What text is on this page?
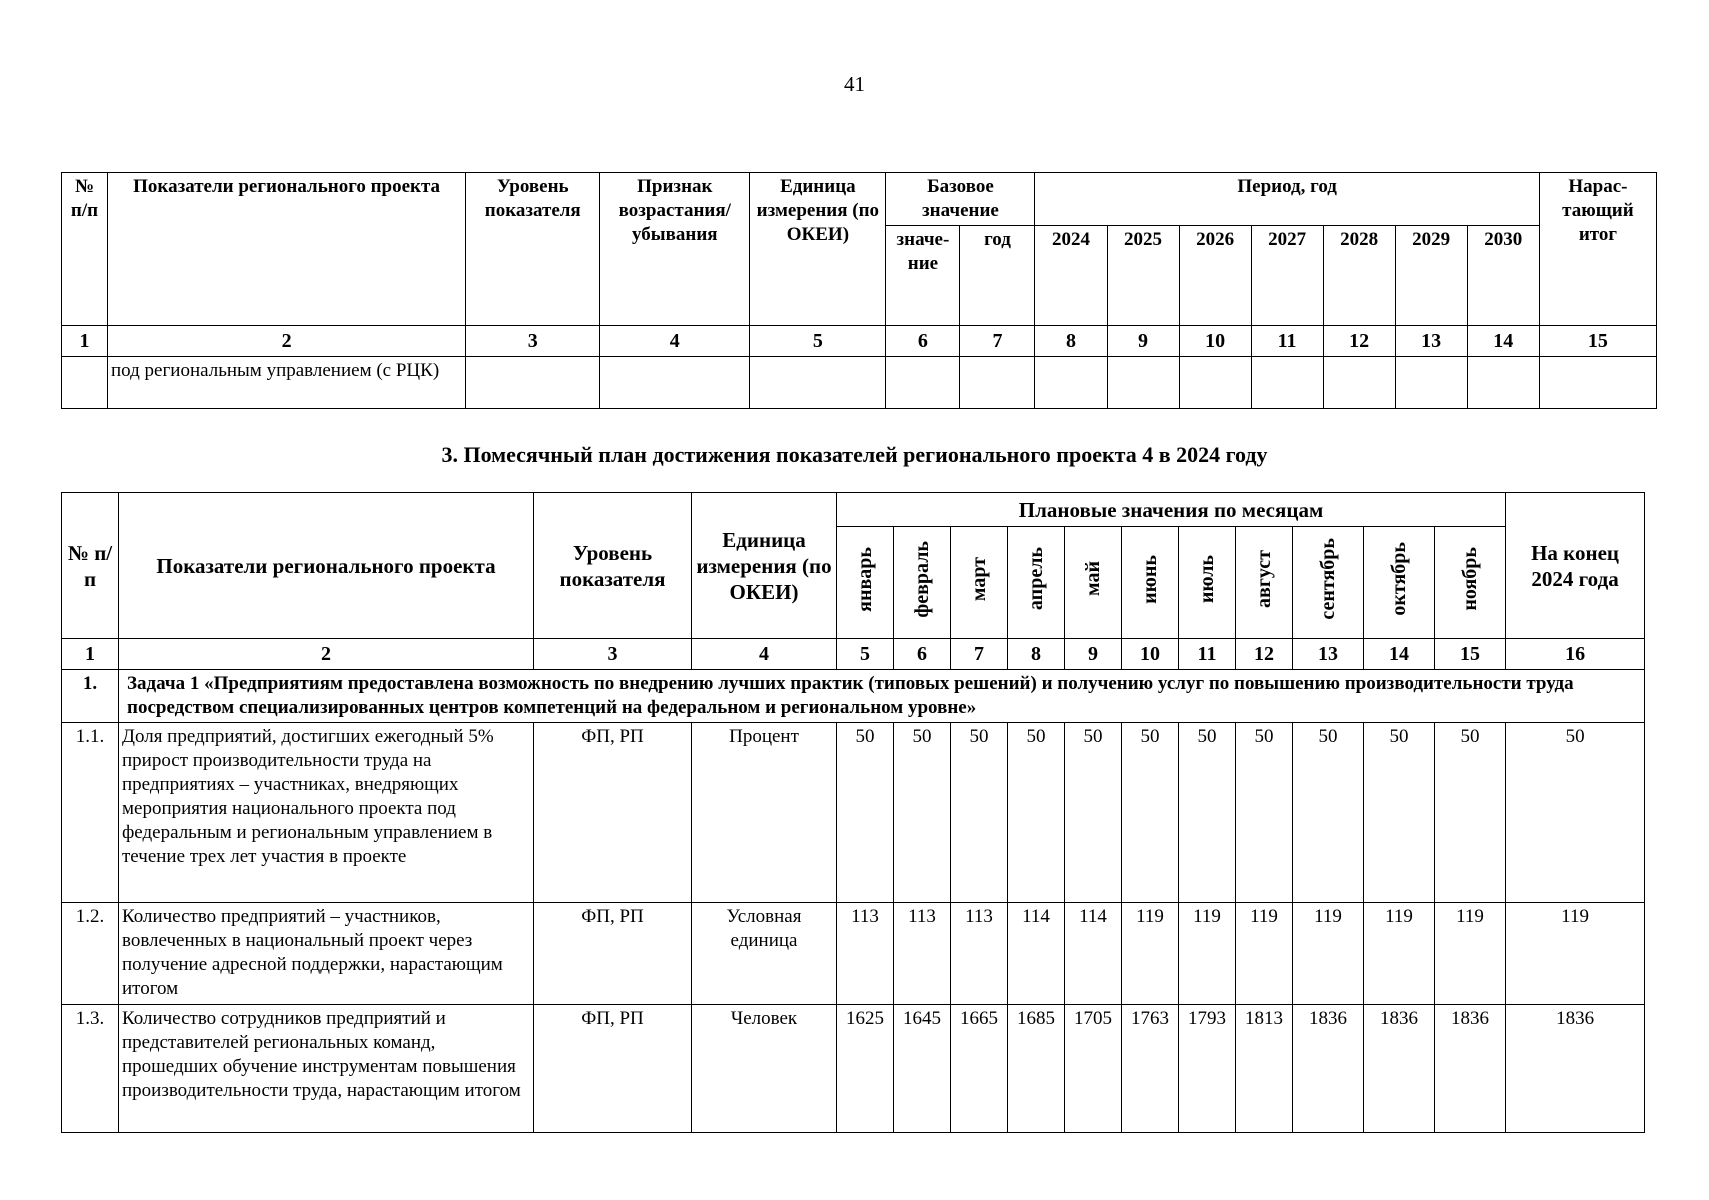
41
№ п/п	Показатели регионального проекта	Уровень показателя	Признак возрастания/ убывания	Единица измерения (по ОКЕИ)	Базовое значение		Период, год							Нарас-тающий итог
					значе-ние	год	2024	2025	2026	2027	2028	2029	2030	
1	2	3	4	5	6	7	8	9	10	11	12	13	14	15
	под региональным управлением (с РЦК)													
3. Помесячный план достижения показателей регионального проекта 4 в 2024 году
№ п/п	Показатели регионального проекта	Уровень показателя	Единица измерения (по ОКЕИ)	Плановые значения по месяцам											На конец 2024 года
				январь	февраль	март	апрель	май	июнь	июль	август	сентябрь	октябрь	ноябрь	
1	2	3	4	5	6	7	8	9	10	11	12	13	14	15	16
1.	Задача 1 «Предприятиям предоставлена возможность по внедрению лучших практик (типовых решений) и получению услуг по повышению производительности труда посредством специализированных центров компетенций на федеральном и региональном уровне»														
1.1.	Доля предприятий, достигших ежегодный 5% прирост производительности труда на предприятиях – участниках, внедряющих мероприятия национального проекта под федеральным и региональным управлением в течение трех лет участия в проекте	ФП, РП	Процент	50	50	50	50	50	50	50	50	50	50	50	50
1.2.	Количество предприятий – участников, вовлеченных в национальный проект через получение адресной поддержки, нарастающим итогом	ФП, РП	Условная единица	113	113	113	114	114	119	119	119	119	119	119	119
1.3.	Количество сотрудников предприятий и представителей региональных команд, прошедших обучение инструментам повышения производительности труда, нарастающим итогом	ФП, РП	Человек	1625	1645	1665	1685	1705	1763	1793	1813	1836	1836	1836	1836
